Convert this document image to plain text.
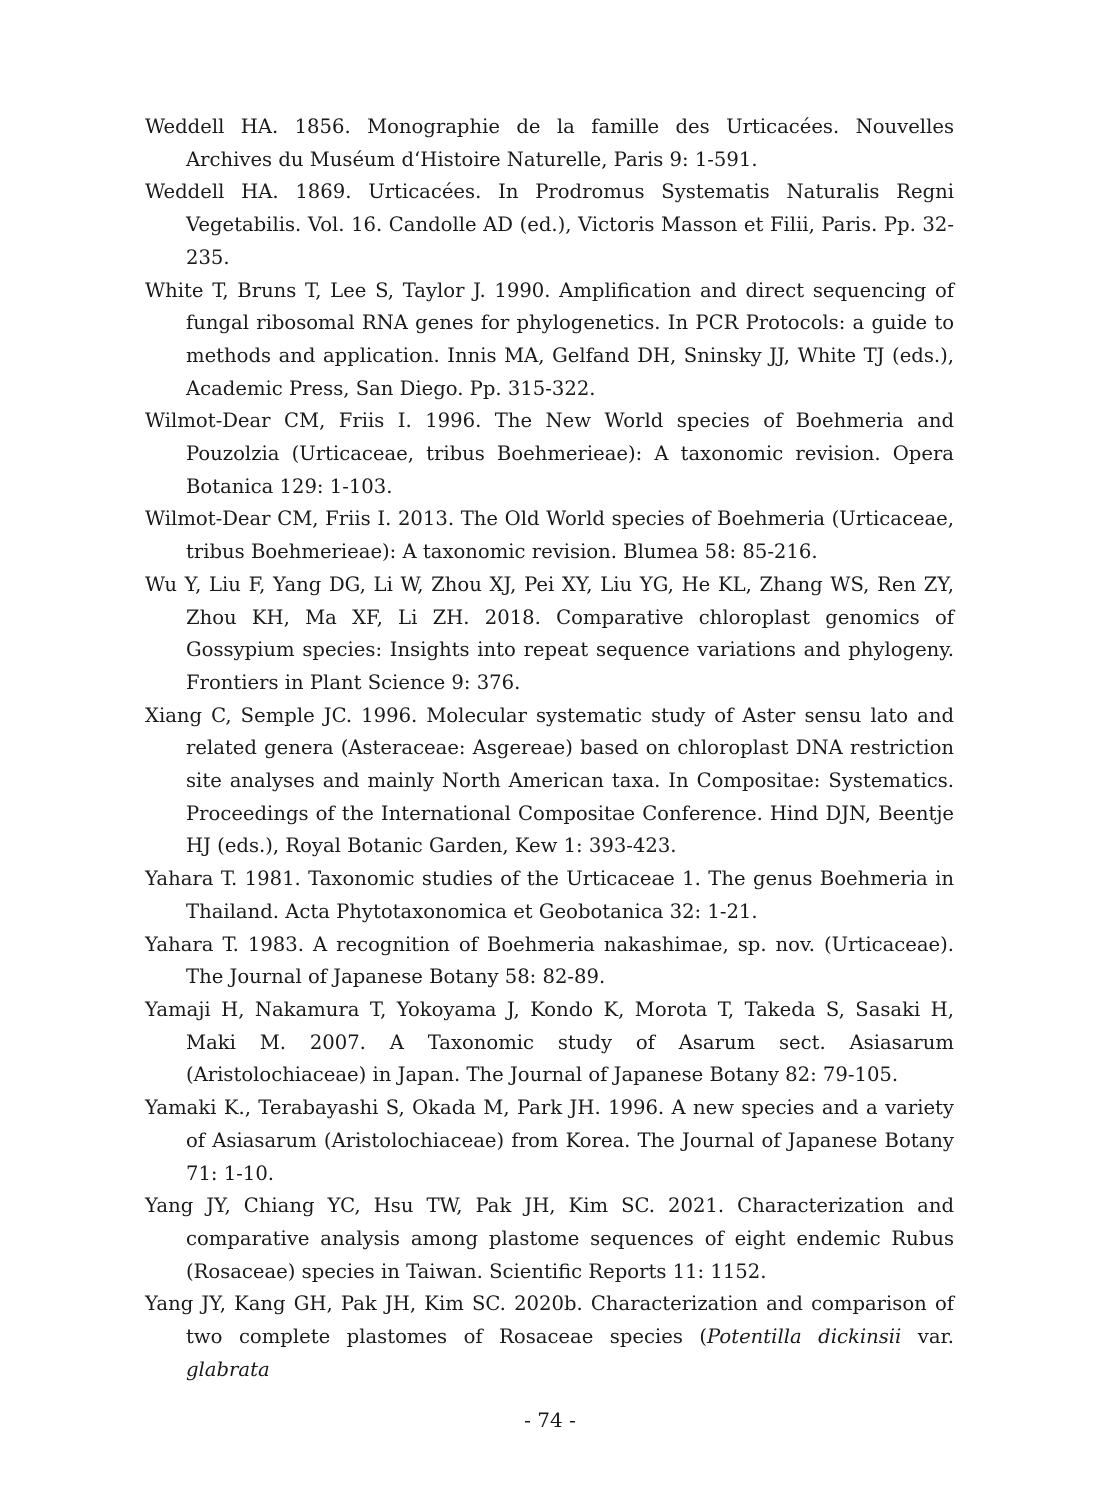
Weddell HA. 1856. Monographie de la famille des Urticacées. Nouvelles Archives du Muséum d‘Histoire Naturelle, Paris 9: 1-591.

Weddell HA. 1869. Urticacées. In Prodromus Systematis Naturalis Regni Vegetabilis. Vol. 16. Candolle AD (ed.), Victoris Masson et Filii, Paris. Pp. 32-235.

White T, Bruns T, Lee S, Taylor J. 1990. Amplification and direct sequencing of fungal ribosomal RNA genes for phylogenetics. In PCR Protocols: a guide to methods and application. Innis MA, Gelfand DH, Sninsky JJ, White TJ (eds.), Academic Press, San Diego. Pp. 315-322.

Wilmot-Dear CM, Friis I. 1996. The New World species of Boehmeria and Pouzolzia (Urticaceae, tribus Boehmerieae): A taxonomic revision. Opera Botanica 129: 1-103.

Wilmot-Dear CM, Friis I. 2013. The Old World species of Boehmeria (Urticaceae, tribus Boehmerieae): A taxonomic revision. Blumea 58: 85-216.

Wu Y, Liu F, Yang DG, Li W, Zhou XJ, Pei XY, Liu YG, He KL, Zhang WS, Ren ZY, Zhou KH, Ma XF, Li ZH. 2018. Comparative chloroplast genomics of Gossypium species: Insights into repeat sequence variations and phylogeny. Frontiers in Plant Science 9: 376.

Xiang C, Semple JC. 1996. Molecular systematic study of Aster sensu lato and related genera (Asteraceae: Asgereae) based on chloroplast DNA restriction site analyses and mainly North American taxa. In Compositae: Systematics. Proceedings of the International Compositae Conference. Hind DJN, Beentje HJ (eds.), Royal Botanic Garden, Kew 1: 393-423.

Yahara T. 1981. Taxonomic studies of the Urticaceae 1. The genus Boehmeria in Thailand. Acta Phytotaxonomica et Geobotanica 32: 1-21.

Yahara T. 1983. A recognition of Boehmeria nakashimae, sp. nov. (Urticaceae). The Journal of Japanese Botany 58: 82-89.

Yamaji H, Nakamura T, Yokoyama J, Kondo K, Morota T, Takeda S, Sasaki H, Maki M. 2007. A Taxonomic study of Asarum sect. Asiasarum (Aristolochiaceae) in Japan. The Journal of Japanese Botany 82: 79-105.

Yamaki K., Terabayashi S, Okada M, Park JH. 1996. A new species and a variety of Asiasarum (Aristolochiaceae) from Korea. The Journal of Japanese Botany 71: 1-10.

Yang JY, Chiang YC, Hsu TW, Pak JH, Kim SC. 2021. Characterization and comparative analysis among plastome sequences of eight endemic Rubus (Rosaceae) species in Taiwan. Scientific Reports 11: 1152.

Yang JY, Kang GH, Pak JH, Kim SC. 2020b. Characterization and comparison of two complete plastomes of Rosaceae species (Potentilla dickinsii var. glabrata

- 74 -
